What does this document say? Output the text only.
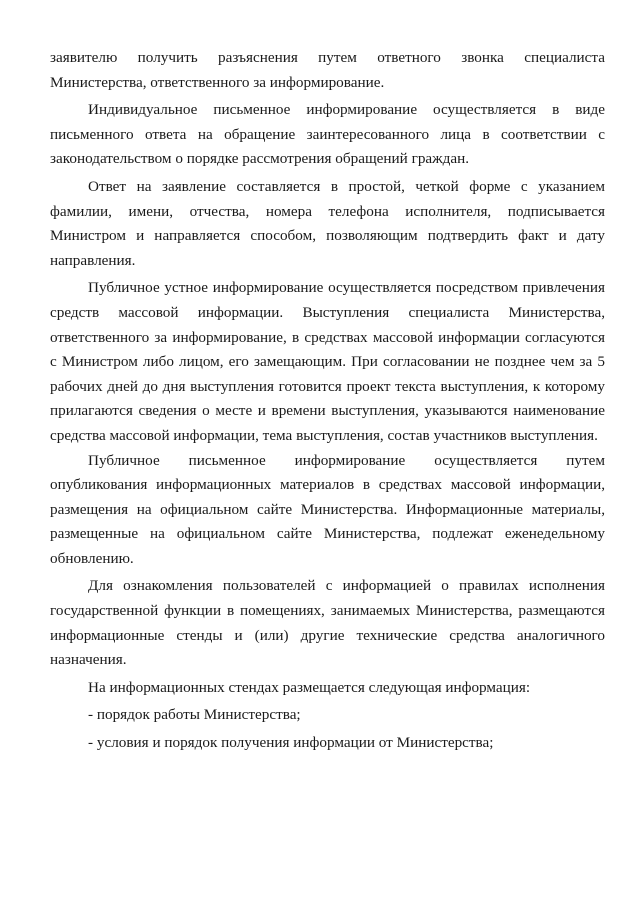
заявителю получить разъяснения путем ответного звонка специалиста Министерства, ответственного за информирование.

Индивидуальное письменное информирование осуществляется в виде письменного ответа на обращение заинтересованного лица в соответствии с законодательством о порядке рассмотрения обращений граждан.

Ответ на заявление составляется в простой, четкой форме с указанием фамилии, имени, отчества, номера телефона исполнителя, подписывается Министром и направляется способом, позволяющим подтвердить факт и дату направления.

Публичное устное информирование осуществляется посредством привлечения средств массовой информации. Выступления специалиста Министерства, ответственного за информирование, в средствах массовой информации согласуются с Министром либо лицом, его замещающим. При согласовании не позднее чем за 5 рабочих дней до дня выступления готовится проект текста выступления, к которому прилагаются сведения о месте и времени выступления, указываются наименование средства массовой информации, тема выступления, состав участников выступления.

Публичное письменное информирование осуществляется путем опубликования информационных материалов в средствах массовой информации, размещения на официальном сайте Министерства. Информационные материалы, размещенные на официальном сайте Министерства, подлежат еженедельному обновлению.

Для ознакомления пользователей с информацией о правилах исполнения государственной функции в помещениях, занимаемых Министерства, размещаются информационные стенды и (или) другие технические средства аналогичного назначения.

На информационных стендах размещается следующая информация:

- порядок работы Министерства;

- условия и порядок получения информации от Министерства;
